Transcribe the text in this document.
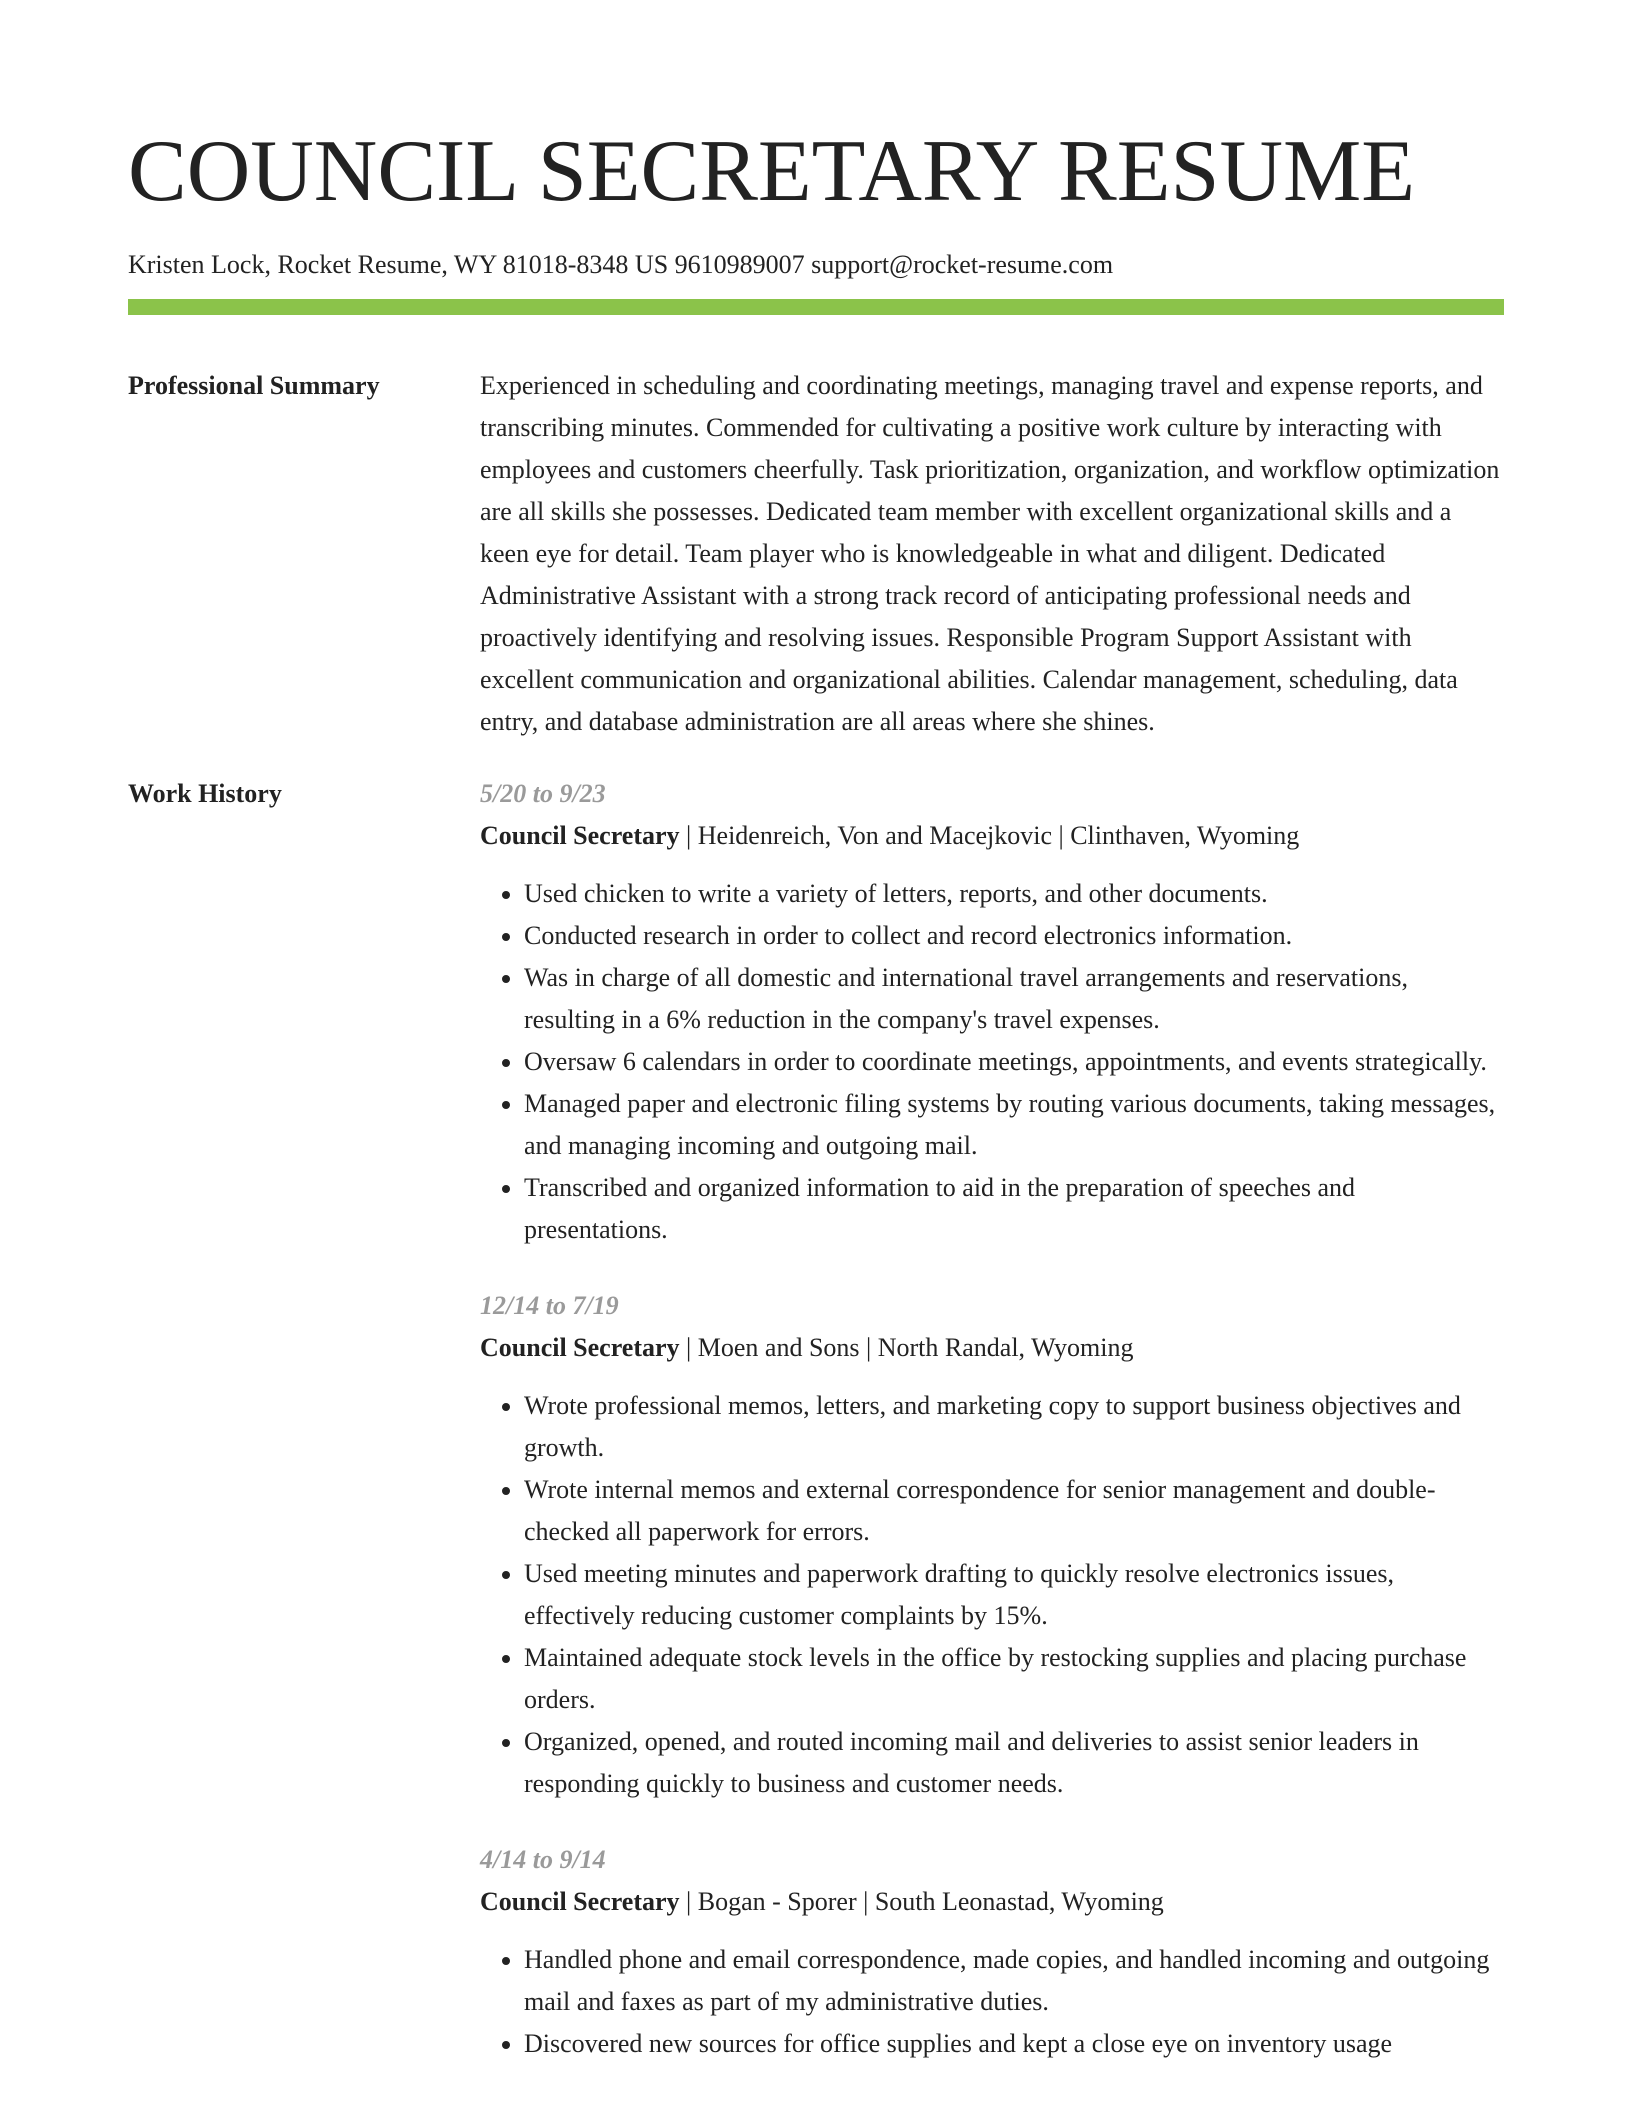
COUNCIL SECRETARY RESUME
Kristen Lock, Rocket Resume, WY 81018-8348 US 9610989007 support@rocket-resume.com
Professional Summary	Experienced in scheduling and coordinating meetings, managing travel and expense reports, and transcribing minutes. Commended for cultivating a positive work culture by interacting with employees and customers cheerfully. Task prioritization, organization, and workflow optimization are all skills she possesses. Dedicated team member with excellent organizational skills and a keen eye for detail. Team player who is knowledgeable in what and diligent. Dedicated Administrative Assistant with a strong track record of anticipating professional needs and proactively identifying and resolving issues. Responsible Program Support Assistant with excellent communication and organizational abilities. Calendar management, scheduling, data entry, and database administration are all areas where she shines.

Work History	5/20 to 9/23
Council Secretary | Heidenreich, Von and Macejkovic | Clinthaven, Wyoming
• Used chicken to write a variety of letters, reports, and other documents.
• Conducted research in order to collect and record electronics information.
• Was in charge of all domestic and international travel arrangements and reservations, resulting in a 6% reduction in the company's travel expenses.
• Oversaw 6 calendars in order to coordinate meetings, appointments, and events strategically.
• Managed paper and electronic filing systems by routing various documents, taking messages, and managing incoming and outgoing mail.
• Transcribed and organized information to aid in the preparation of speeches and presentations.
12/14 to 7/19
Council Secretary | Moen and Sons | North Randal, Wyoming
• Wrote professional memos, letters, and marketing copy to support business objectives and growth.
• Wrote internal memos and external correspondence for senior management and double-checked all paperwork for errors.
• Used meeting minutes and paperwork drafting to quickly resolve electronics issues, effectively reducing customer complaints by 15%.
• Maintained adequate stock levels in the office by restocking supplies and placing purchase orders.
• Organized, opened, and routed incoming mail and deliveries to assist senior leaders in responding quickly to business and customer needs.
4/14 to 9/14
Council Secretary | Bogan - Sporer | South Leonastad, Wyoming
• Handled phone and email correspondence, made copies, and handled incoming and outgoing mail and faxes as part of my administrative duties.
• Discovered new sources for office supplies and kept a close eye on inventory usage
